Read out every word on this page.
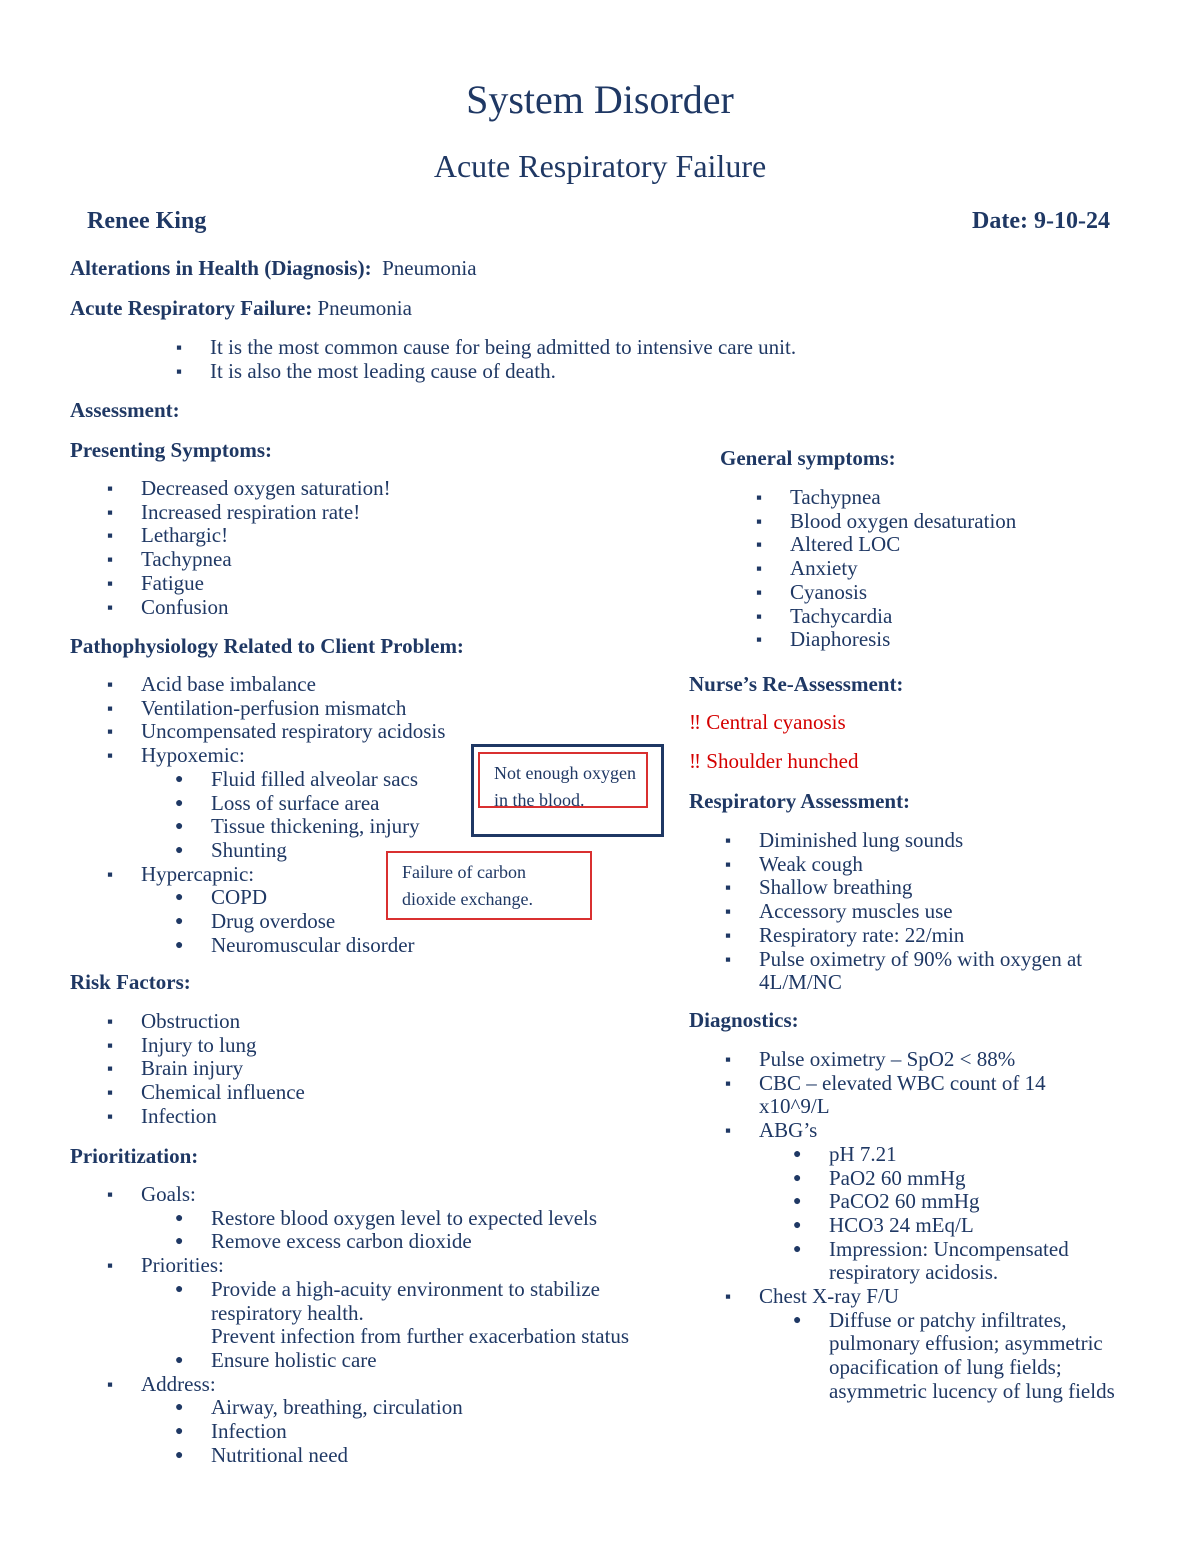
System Disorder
Acute Respiratory Failure
Renee King	Date: 9-10-24
Alterations in Health (Diagnosis): Pneumonia
Acute Respiratory Failure: Pneumonia
▪ It is the most common cause for being admitted to intensive care unit.
▪ It is also the most leading cause of death.
Assessment:
Presenting Symptoms:
▪ Decreased oxygen saturation!
▪ Increased respiration rate!
▪ Lethargic!
▪ Tachypnea
▪ Fatigue
▪ Confusion
Pathophysiology Related to Client Problem:
▪ Acid base imbalance
▪ Ventilation-perfusion mismatch
▪ Uncompensated respiratory acidosis
▪ Hypoxemic:
● Fluid filled alveolar sacs
● Loss of surface area
● Tissue thickening, injury
● Shunting
▪ Hypercapnic:
● COPD
● Drug overdose
● Neuromuscular disorder
Not enough oxygen
in the blood.
Failure of carbon
dioxide exchange.
Risk Factors:
▪ Obstruction
▪ Injury to lung
▪ Brain injury
▪ Chemical influence
▪ Infection
Prioritization:
▪ Goals:
● Restore blood oxygen level to expected levels
● Remove excess carbon dioxide
▪ Priorities:
● Provide a high-acuity environment to stabilize respiratory health.
● Prevent infection from further exacerbation status
● Ensure holistic care
▪ Address:
● Airway, breathing, circulation
● Infection
● Nutritional need
General symptoms:
▪ Tachypnea
▪ Blood oxygen desaturation
▪ Altered LOC
▪ Anxiety
▪ Cyanosis
▪ Tachycardia
▪ Diaphoresis
Nurse’s Re-Assessment:
‼ Central cyanosis
‼ Shoulder hunched
Respiratory Assessment:
▪ Diminished lung sounds
▪ Weak cough
▪ Shallow breathing
▪ Accessory muscles use
▪ Respiratory rate: 22/min
▪ Pulse oximetry of 90% with oxygen at 4L/M/NC
Diagnostics:
▪ Pulse oximetry – SpO2 < 88%
▪ CBC – elevated WBC count of 14 x10^9/L
▪ ABG’s
● pH 7.21
● PaO2 60 mmHg
● PaCO2 60 mmHg
● HCO3 24 mEq/L
● Impression: Uncompensated respiratory acidosis.
▪ Chest X-ray F/U
● Diffuse or patchy infiltrates, pulmonary effusion; asymmetric opacification of lung fields; asymmetric lucency of lung fields
